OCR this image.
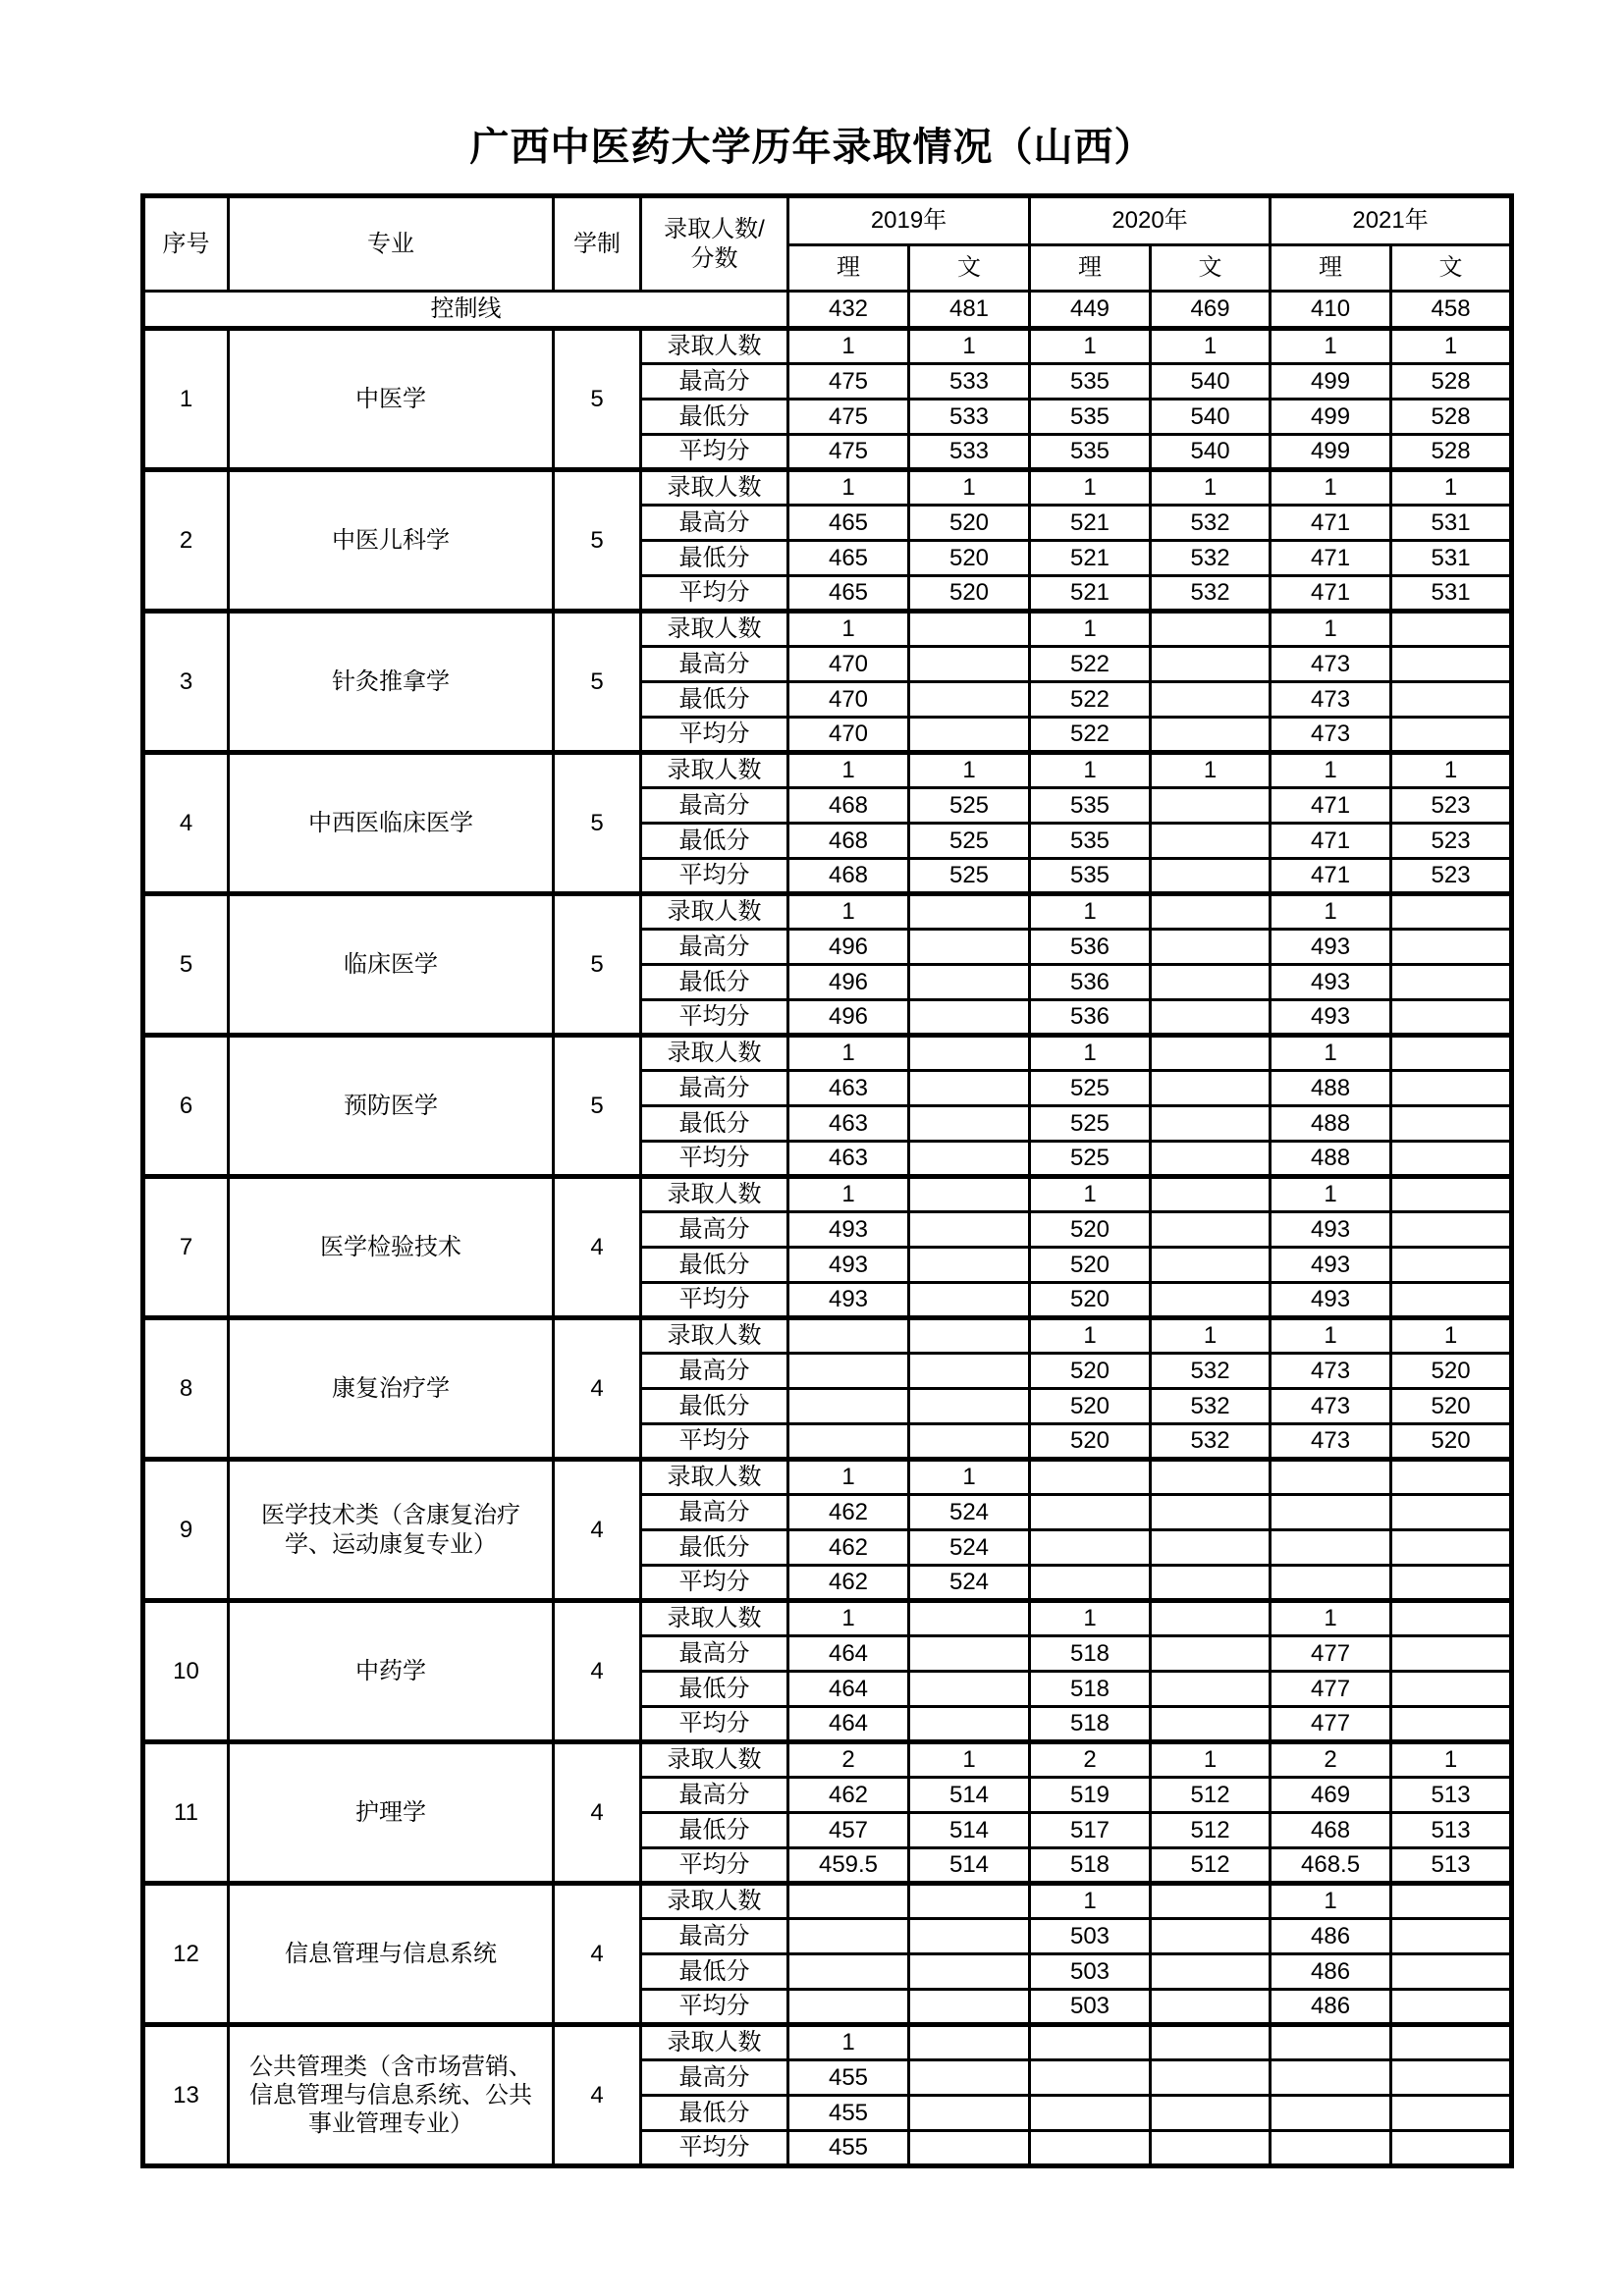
广西中医药大学历年录取情况（山西）
序号	专业	学制	录取人数/
分数	2019年		2020年		2021年	
				理	文	理	文	理	文
控制线				432	481	449	469	410	458
1	中医学	5	录取人数	1	1	1	1	1	1
			最高分	475	533	535	540	499	528
			最低分	475	533	535	540	499	528
			平均分	475	533	535	540	499	528
2	中医儿科学	5	录取人数	1	1	1	1	1	1
			最高分	465	520	521	532	471	531
			最低分	465	520	521	532	471	531
			平均分	465	520	521	532	471	531
3	针灸推拿学	5	录取人数	1		1		1	
			最高分	470		522		473	
			最低分	470		522		473	
			平均分	470		522		473	
4	中西医临床医学	5	录取人数	1	1	1	1	1	1
			最高分	468	525	535		471	523
			最低分	468	525	535		471	523
			平均分	468	525	535		471	523
5	临床医学	5	录取人数	1		1		1	
			最高分	496		536		493	
			最低分	496		536		493	
			平均分	496		536		493	
6	预防医学	5	录取人数	1		1		1	
			最高分	463		525		488	
			最低分	463		525		488	
			平均分	463		525		488	
7	医学检验技术	4	录取人数	1		1		1	
			最高分	493		520		493	
			最低分	493		520		493	
			平均分	493		520		493	
8	康复治疗学	4	录取人数			1	1	1	1
			最高分			520	532	473	520
			最低分			520	532	473	520
			平均分			520	532	473	520
9	医学技术类（含康复治疗学、运动康复专业）	4	录取人数	1	1				
			最高分	462	524				
			最低分	462	524				
			平均分	462	524				
10	中药学	4	录取人数	1		1		1	
			最高分	464		518		477	
			最低分	464		518		477	
			平均分	464		518		477	
11	护理学	4	录取人数	2	1	2	1	2	1
			最高分	462	514	519	512	469	513
			最低分	457	514	517	512	468	513
			平均分	459.5	514	518	512	468.5	513
12	信息管理与信息系统	4	录取人数			1		1	
			最高分			503		486	
			最低分			503		486	
			平均分			503		486	
13	公共管理类（含市场营销、信息管理与信息系统、公共事业管理专业）	4	录取人数	1					
			最高分	455					
			最低分	455					
			平均分	455					
